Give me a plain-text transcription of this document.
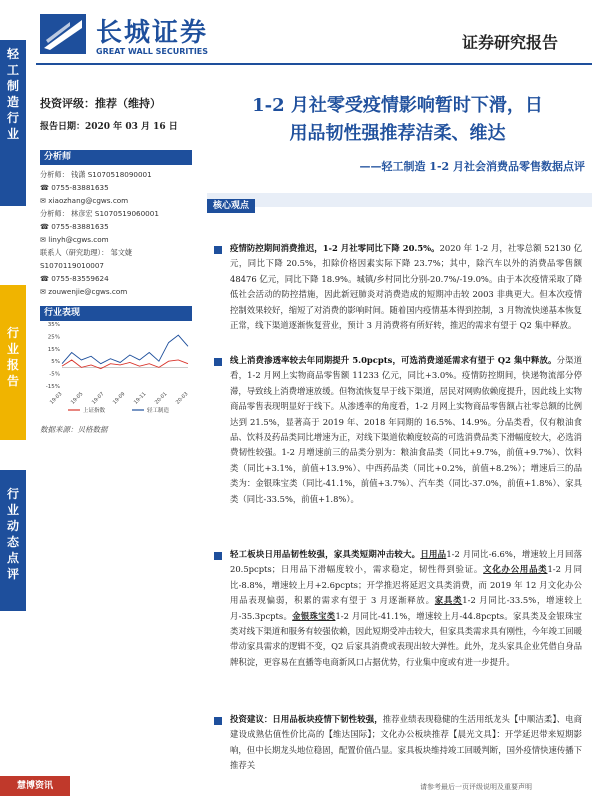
轻
工
制
造
行
业
行
业
报
告
行
业
动
态
点
评
长城证券
GREAT WALL SECURITIES	证券研究报告
投资评级：推荐（维持）
报告日期：2020 年 03 月 16 日
分析师
分析师： 钱潇 S1070518090001
☎ 0755-83881635
✉ xiaozhang@cgws.com
分析师： 林彦宏 S1070519060001
☎ 0755-83881635
✉ linyh@cgws.com
联系人（研究助理）： 邹文婕
S1070119010007
☎ 0755-83559624
✉ zouwenjie@cgws.com
行业表现
35%
25%
15%
5%
-5%
-15%
19-03 19-05 19-07 19-09 19-11 20-01 20-03
上证指数	轻工制造
数据来源：贝格数据
1-2 月社零受疫情影响暂时下滑，日
用品韧性强推荐洁柔、维达
——轻工制造 1-2 月社会消费品零售数据点评
核心观点
疫情防控期间消费推迟，1-2 月社零同比下降 20.5%。2020 年 1-2 月，社零总额 52130 亿元，同比下降 20.5%，扣除价格因素实际下降 23.7%；其中，除汽车以外的消费品零售额 48476 亿元，同比下降 18.9%。城镇/乡村同比分别-20.7%/-19.0%。由于本次疫情采取了降低社会活动的防控措施，因此新冠肺炎对消费造成的短期冲击较 2003 非典更大。但本次疫情控制效果较好，缩短了对消费的影响时间。随着国内疫情基本得到控制，3 月物流快递基本恢复正常，线下渠道逐渐恢复营业，预计 3 月消费将有所好转，推迟的需求有望于 Q2 集中释放。
线上消费渗透率较去年同期提升 5.0pcpts，可选消费递延需求有望于 Q2 集中释放。分渠道看，1-2 月网上实物商品零售额 11233 亿元，同比+3.0%。疫情防控期间，快递物流部分停滞，导致线上消费增速放缓。但物流恢复早于线下渠道，居民对网购依赖度提升，因此线上实物商品零售表现明显好于线下。从渗透率的角度看，1-2 月网上实物商品零售额占社零总额的比例达到 21.5%，显著高于 2019 年、2018 年同期的 16.5%、14.9%。分品类看，仅有粮油食品、饮料及药品类同比增速为正，对线下渠道依赖度较高的可选消费品类下滑幅度较大，必选消费韧性较强。1-2 月增速前三的品类分别为：粮油食品类（同比+9.7%，前值+9.7%）、饮料类（同比+3.1%，前值+13.9%）、中西药品类（同比+0.2%，前值+8.2%）；增速后三的品类为：金银珠宝类（同比-41.1%，前值+3.7%）、汽车类（同比-37.0%，前值+1.8%）、家具类（同比-33.5%，前值+1.8%）。
轻工板块日用品韧性较强，家具类短期冲击较大。日用品1-2 月同比-6.6%，增速较上月回落 20.5pcpts；日用品下滑幅度较小，需求稳定，韧性得到验证。文化办公用品类1-2 月同比-8.8%，增速较上月+2.6pcpts；开学推迟将延迟文具类消费，而 2019 年 12 月文化办公用品表现偏弱，积累的需求有望于 3 月逐渐释放。家具类1-2 月同比-33.5%，增速较上月-35.3pcpts。金银珠宝类1-2 月同比-41.1%，增速较上月-44.8pcpts。家具类及金银珠宝类对线下渠道和服务有较强依赖，因此短期受冲击较大，但家具类需求具有刚性，今年竣工回暖带动家具需求的逻辑不变，Q2 后家具消费或表现出较大弹性。此外，龙头家具企业凭借自身品牌积淀，更容易在直播等电商新风口占据优势，行业集中度或有进一步提升。
投资建议：日用品板块疫情下韧性较强，推荐业绩表现稳健的生活用纸龙头【中顺洁柔】、电商建设成熟估值性价比高的【维达国际】；文化办公板块推荐【晨光文具】：开学延迟带来短期影响，但中长期龙头地位稳固，配置价值凸显。家具板块维持竣工回暖判断，国外疫情快速传播下推荐关
慧博资讯	请参考最后一页评级说明及重要声明
